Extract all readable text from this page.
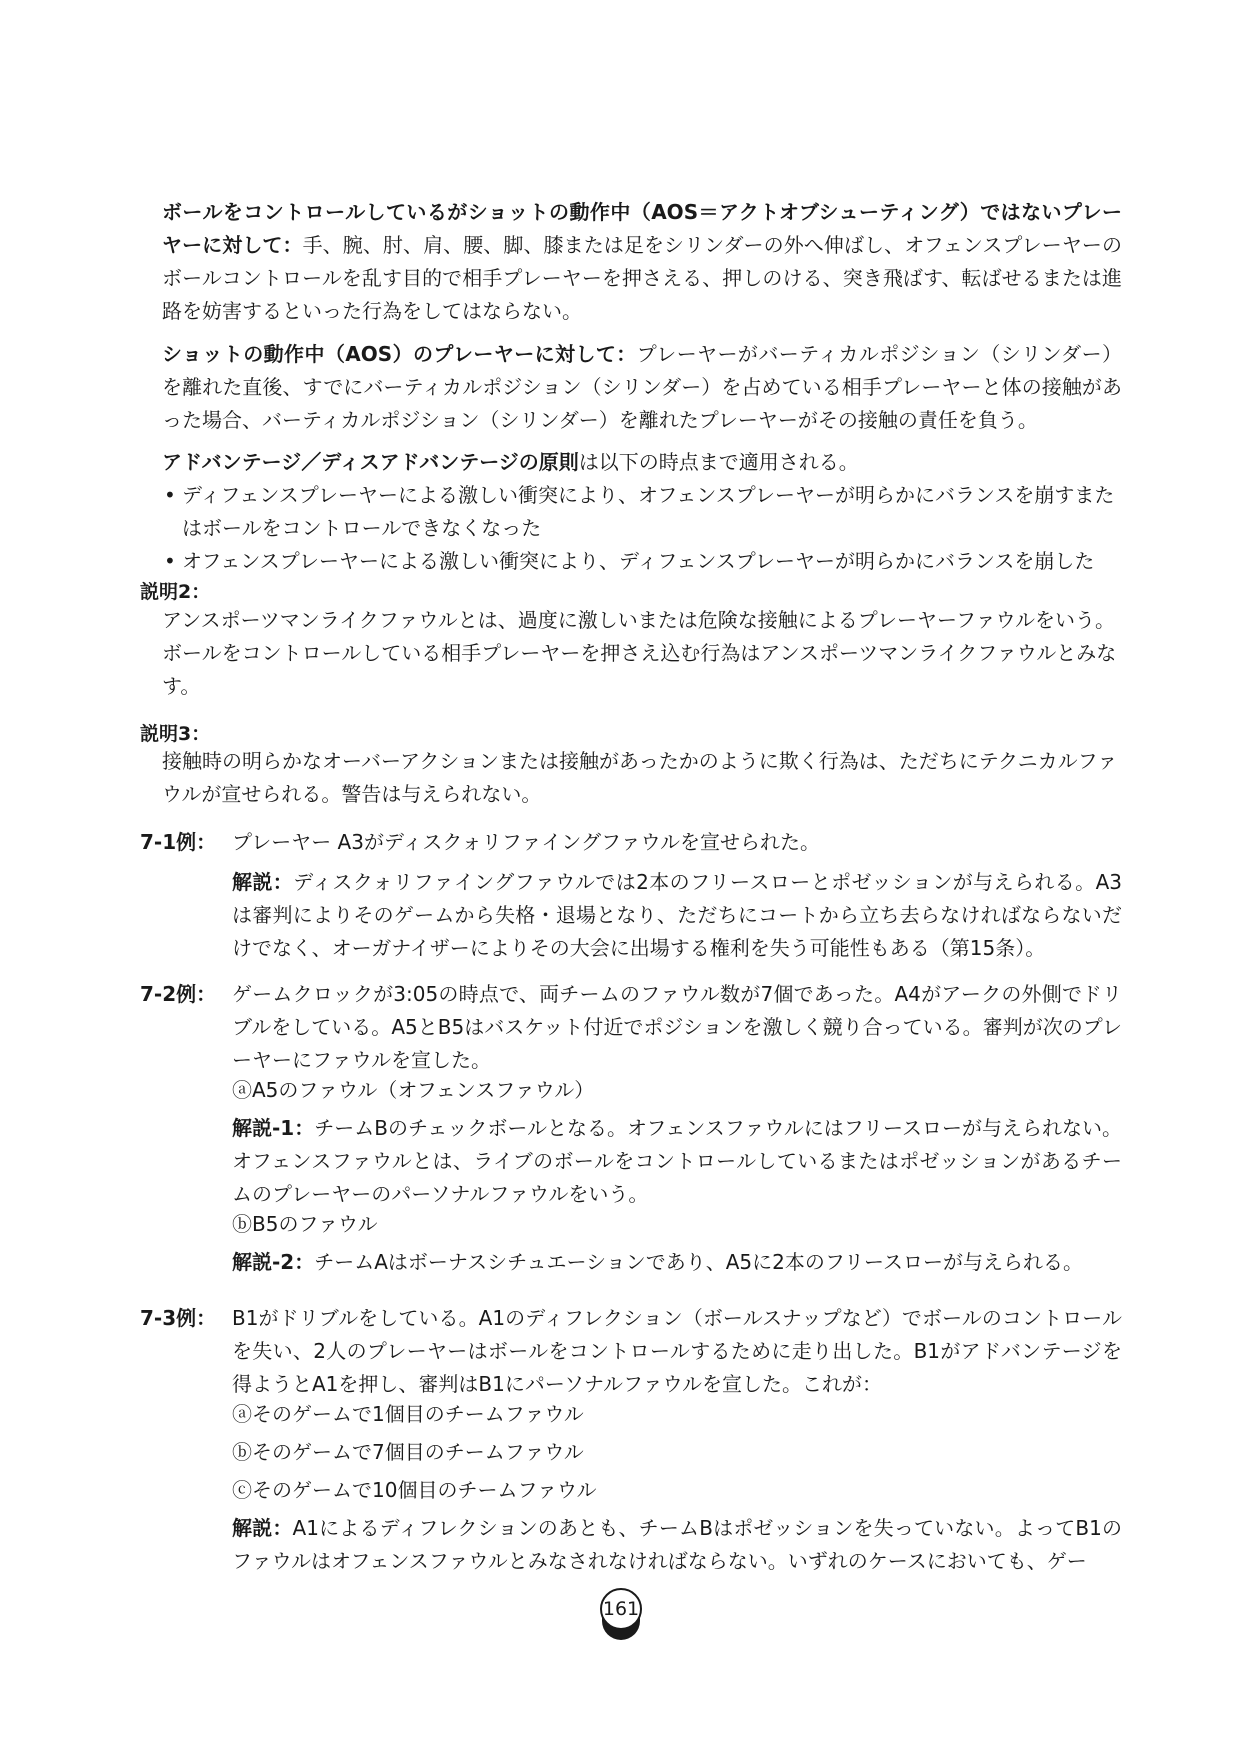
ボールをコントロールしているがショットの動作中（AOS＝アクトオブシューティング）ではないプレーヤーに対して：手、腕、肘、肩、腰、脚、膝または足をシリンダーの外へ伸ばし、オフェンスプレーヤーのボールコントロールを乱す目的で相手プレーヤーを押さえる、押しのける、突き飛ばす、転ばせるまたは進路を妨害するといった行為をしてはならない。

ショットの動作中（AOS）のプレーヤーに対して：プレーヤーがバーティカルポジション（シリンダー）を離れた直後、すでにバーティカルポジション（シリンダー）を占めている相手プレーヤーと体の接触があった場合、バーティカルポジション（シリンダー）を離れたプレーヤーがその接触の責任を負う。

アドバンテージ／ディスアドバンテージの原則は以下の時点まで適用される。

• ディフェンスプレーヤーによる激しい衝突により、オフェンスプレーヤーが明らかにバランスを崩すまたはボールをコントロールできなくなった
• オフェンスプレーヤーによる激しい衝突により、ディフェンスプレーヤーが明らかにバランスを崩した
説明2：

アンスポーツマンライクファウルとは、過度に激しいまたは危険な接触によるプレーヤーファウルをいう。ボールをコントロールしている相手プレーヤーを押さえ込む行為はアンスポーツマンライクファウルとみなす。

説明3：

接触時の明らかなオーバーアクションまたは接触があったかのように欺く行為は、ただちにテクニカルファウルが宣せられる。警告は与えられない。

7-1例： プレーヤー A3がディスクォリファイングファウルを宣せられた。

解説：ディスクォリファイングファウルでは2本のフリースローとポゼッションが与えられる。A3は審判によりそのゲームから失格・退場となり、ただちにコートから立ち去らなければならないだけでなく、オーガナイザーによりその大会に出場する権利を失う可能性もある（第15条）。

7-2例： ゲームクロックが3:05の時点で、両チームのファウル数が7個であった。A4がアークの外側でドリブルをしている。A5とB5はバスケット付近でポジションを激しく競り合っている。審判が次のプレーヤーにファウルを宣した。

ⓐA5のファウル（オフェンスファウル）

解説-1：チームBのチェックボールとなる。オフェンスファウルにはフリースローが与えられない。オフェンスファウルとは、ライブのボールをコントロールしているまたはポゼッションがあるチームのプレーヤーのパーソナルファウルをいう。

ⓑB5のファウル

解説-2：チームAはボーナスシチュエーションであり、A5に2本のフリースローが与えられる。

7-3例： B1がドリブルをしている。A1のディフレクション（ボールスナップなど）でボールのコントロールを失い、2人のプレーヤーはボールをコントロールするために走り出した。B1がアドバンテージを得ようとA1を押し、審判はB1にパーソナルファウルを宣した。これが：

ⓐそのゲームで1個目のチームファウル

ⓑそのゲームで7個目のチームファウル

ⓒそのゲームで10個目のチームファウル

解説：A1によるディフレクションのあとも、チームBはポゼッションを失っていない。よってB1のファウルはオフェンスファウルとみなされなければならない。いずれのケースにおいても、ゲー

161
